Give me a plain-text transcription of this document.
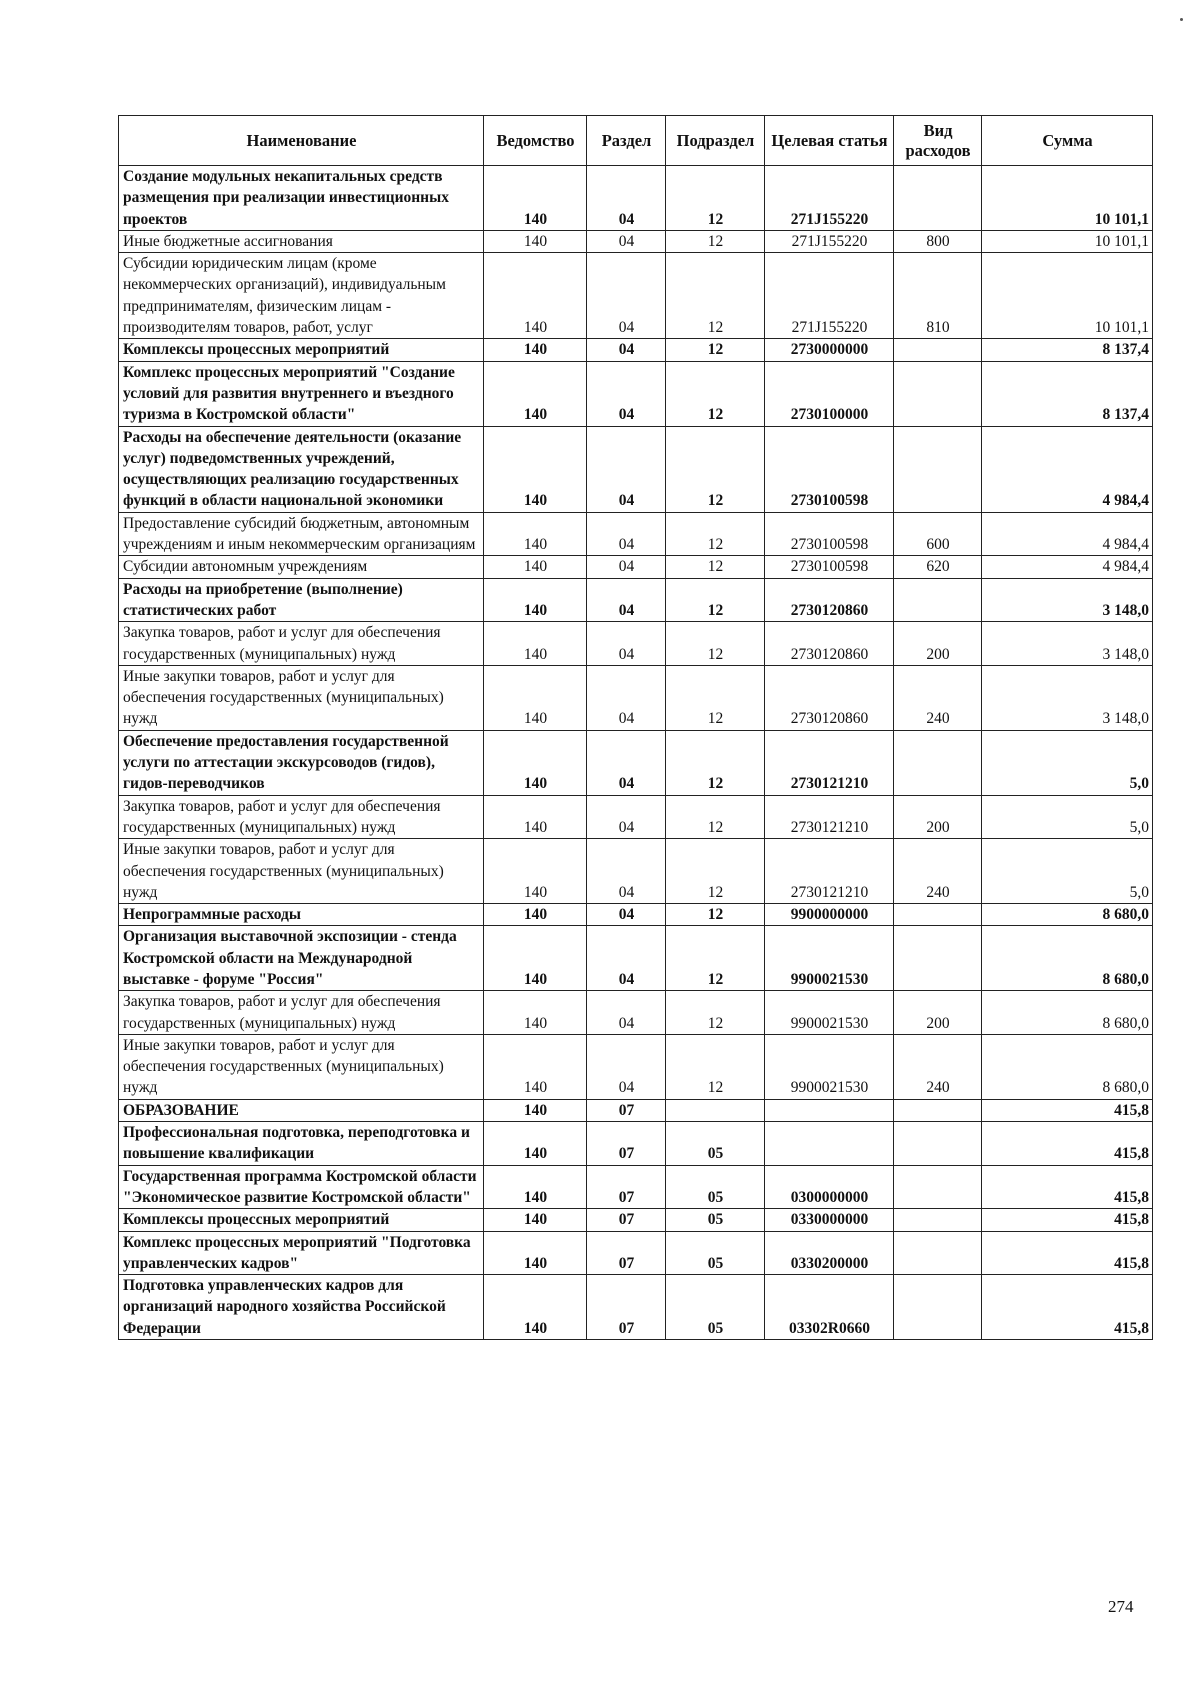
Наименование	Ведомство	Раздел	Подраздел	Целевая статья	Вид расходов	Сумма
Создание модульных некапитальных средств размещения при реализации инвестиционных проектов	140	04	12	271J155220		10 101,1
Иные бюджетные ассигнования	140	04	12	271J155220	800	10 101,1
Субсидии юридическим лицам (кроме некоммерческих организаций), индивидуальным предпринимателям, физическим лицам - производителям товаров, работ, услуг	140	04	12	271J155220	810	10 101,1
Комплексы процессных мероприятий	140	04	12	2730000000		8 137,4
Комплекс процессных мероприятий "Создание условий для развития внутреннего и въездного туризма в Костромской области"	140	04	12	2730100000		8 137,4
Расходы на обеспечение деятельности (оказание услуг) подведомственных учреждений, осуществляющих реализацию государственных функций в области национальной экономики	140	04	12	2730100598		4 984,4
Предоставление субсидий бюджетным, автономным учреждениям и иным некоммерческим организациям	140	04	12	2730100598	600	4 984,4
Субсидии автономным учреждениям	140	04	12	2730100598	620	4 984,4
Расходы на приобретение (выполнение) статистических работ	140	04	12	2730120860		3 148,0
Закупка товаров, работ и услуг для обеспечения государственных (муниципальных) нужд	140	04	12	2730120860	200	3 148,0
Иные закупки товаров, работ и услуг для обеспечения государственных (муниципальных) нужд	140	04	12	2730120860	240	3 148,0
Обеспечение предоставления государственной услуги по аттестации экскурсоводов (гидов), гидов-переводчиков	140	04	12	2730121210		5,0
Закупка товаров, работ и услуг для обеспечения государственных (муниципальных) нужд	140	04	12	2730121210	200	5,0
Иные закупки товаров, работ и услуг для обеспечения государственных (муниципальных) нужд	140	04	12	2730121210	240	5,0
Непрограммные расходы	140	04	12	9900000000		8 680,0
Организация выставочной экспозиции - стенда Костромской области на Международной выставке - форуме "Россия"	140	04	12	9900021530		8 680,0
Закупка товаров, работ и услуг для обеспечения государственных (муниципальных) нужд	140	04	12	9900021530	200	8 680,0
Иные закупки товаров, работ и услуг для обеспечения государственных (муниципальных) нужд	140	04	12	9900021530	240	8 680,0
ОБРАЗОВАНИЕ	140	07				415,8
Профессиональная подготовка, переподготовка и повышение квалификации	140	07	05			415,8
Государственная программа Костромской области "Экономическое развитие Костромской области"	140	07	05	0300000000		415,8
Комплексы процессных мероприятий	140	07	05	0330000000		415,8
Комплекс процессных мероприятий "Подготовка управленческих кадров"	140	07	05	0330200000		415,8
Подготовка управленческих кадров для организаций народного хозяйства Российской Федерации	140	07	05	03302R0660		415,8
274
